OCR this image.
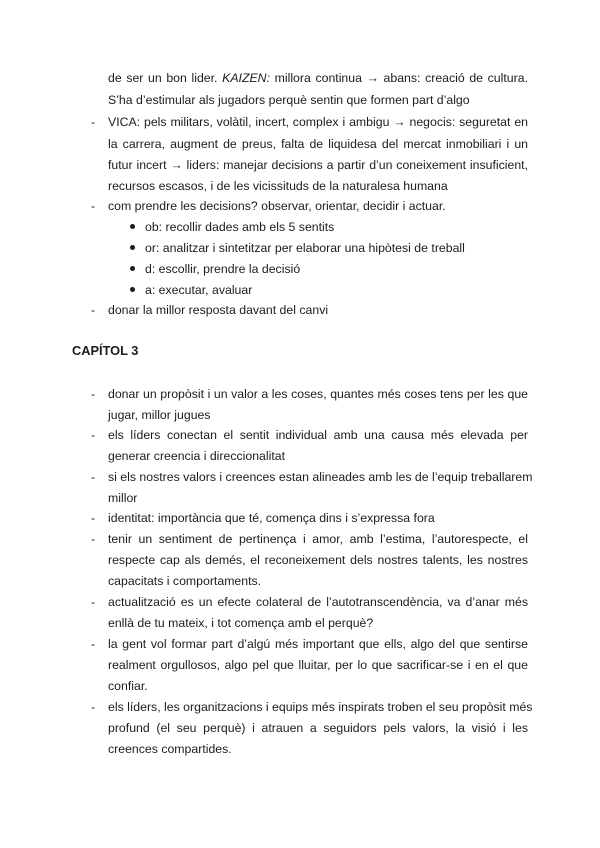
de ser un bon lider. KAIZEN: millora continua → abans: creació de cultura.
S’ha d’estimular als jugadors perquè sentin que formen part d’algo
- VICA: pels militars, volàtil, incert, complex i ambigu → negocis: seguretat en
la carrera, augment de preus, falta de liquidesa del mercat inmobiliari i un
futur incert → liders: manejar decisions a partir d’un coneixement insuficient,
recursos escasos, i de les vicissituds de la naturalesa humana
- com prendre les decisions? observar, orientar, decidir i actuar.
ob: recollir dades amb els 5 sentits
or: analitzar i sintetitzar per elaborar una hipòtesi de treball
d: escollir, prendre la decisió
a: executar, avaluar
- donar la millor resposta davant del canvi
CAPÍTOL 3
- donar un propòsit i un valor a les coses, quantes més coses tens per les que
jugar, millor jugues
- els líders conectan el sentit individual amb una causa més elevada per
generar creencia i direccionalitat
- si els nostres valors i creences estan alineades amb les de l’equip treballarem
millor
- identitat: importància que té, comença dins i s’expressa fora
- tenir un sentiment de pertinença i amor, amb l’estima, l’autorespecte, el
respecte cap als demés, el reconeixement dels nostres talents, les nostres
capacitats i comportaments.
- actualització es un efecte colateral de l’autotranscendència, va d’anar més
enllà de tu mateix, i tot comença amb el perquè?
- la gent vol formar part d’algú més important que ells, algo del que sentirse
realment orgullosos, algo pel que lluitar, per lo que sacrificar-se i en el que
confiar.
- els líders, les organitzacions i equips més inspirats troben el seu propòsit més
profund (el seu perquè) i atrauen a seguidors pels valors, la visió i les
creences compartides.
